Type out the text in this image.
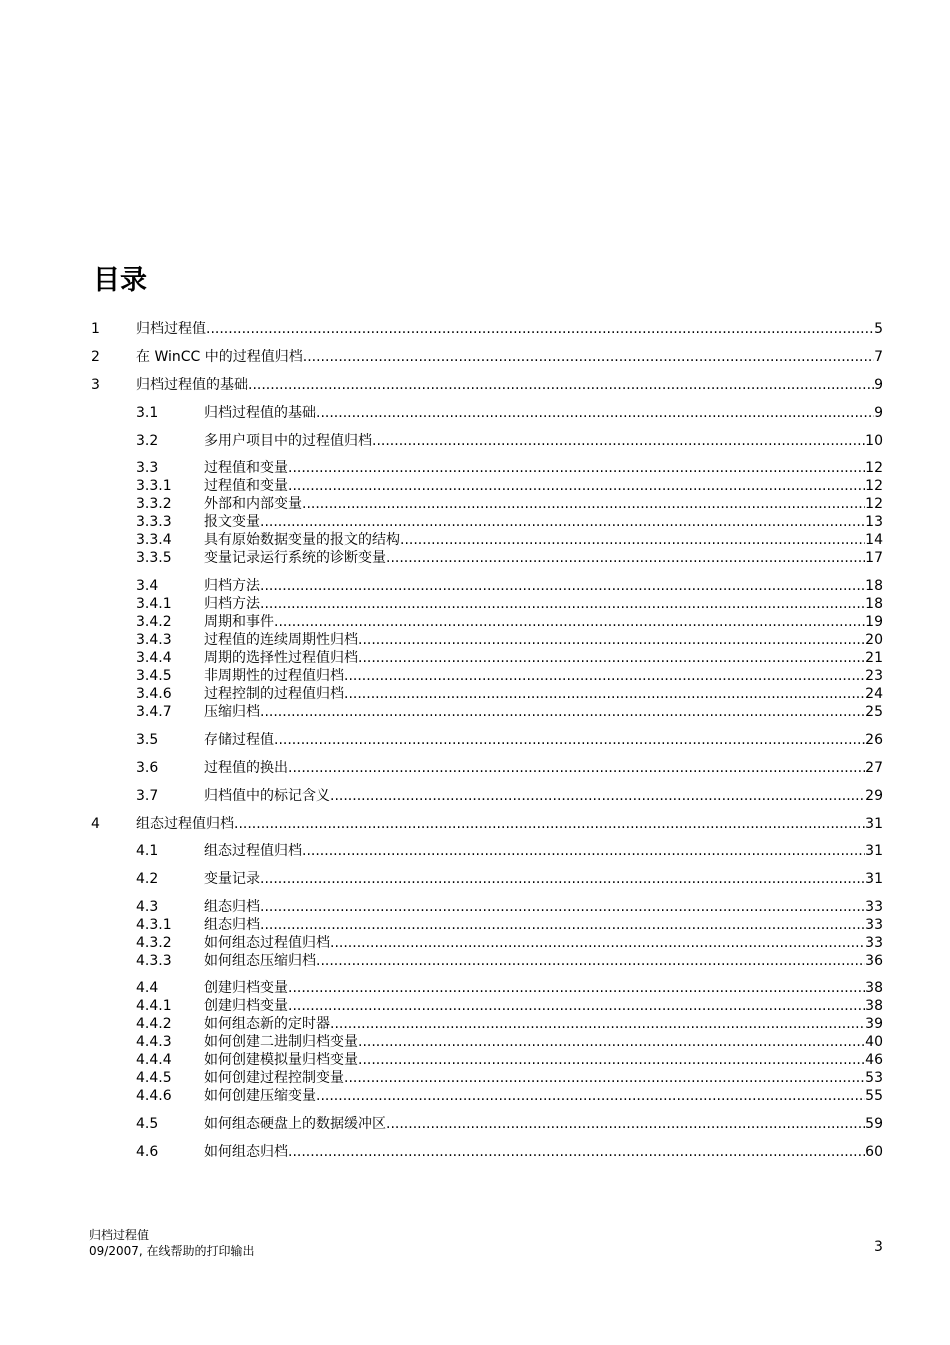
目录
1	归档过程值 .....	5
2	在 WinCC 中的过程值归档 .....	7
3	归档过程值的基础 .....	9
3.1	归档过程值的基础 .....	9
3.2	多用户项目中的过程值归档 .....	10
3.3	过程值和变量 .....	12
3.3.1 过程值和变量 .....	12
3.3.2 外部和内部变量 .....	12
3.3.3 报文变量 .....	13
3.3.4 具有原始数据变量的报文的结构 .....	14
3.3.5 变量记录运行系统的诊断变量 .....	17
3.4	归档方法 .....	18
3.4.1 归档方法 .....	18
3.4.2 周期和事件 .....	19
3.4.3 过程值的连续周期性归档 .....	20
3.4.4 周期的选择性过程值归档 .....	21
3.4.5 非周期性的过程值归档 .....	23
3.4.6 过程控制的过程值归档 .....	24
3.4.7 压缩归档 .....	25
3.5	存储过程值 .....	26
3.6	过程值的换出 .....	27
3.7	归档值中的标记含义 .....	29
4	组态过程值归档 .....	31
4.1	组态过程值归档 .....	31
4.2	变量记录 .....	31
4.3	组态归档 .....	33
4.3.1 组态归档 .....	33
4.3.2 如何组态过程值归档 .....	33
4.3.3 如何组态压缩归档 .....	36
4.4	创建归档变量 .....	38
4.4.1 创建归档变量 .....	38
4.4.2 如何组态新的定时器 .....	39
4.4.3 如何创建二进制归档变量 .....	40
4.4.4 如何创建模拟量归档变量 .....	46
4.4.5 如何创建过程控制变量 .....	53
4.4.6 如何创建压缩变量 .....	55
4.5	如何组态硬盘上的数据缓冲区 .....	59
4.6	如何组态归档 .....	60
归档过程值
09/2007, 在线帮助的打印输出	3
